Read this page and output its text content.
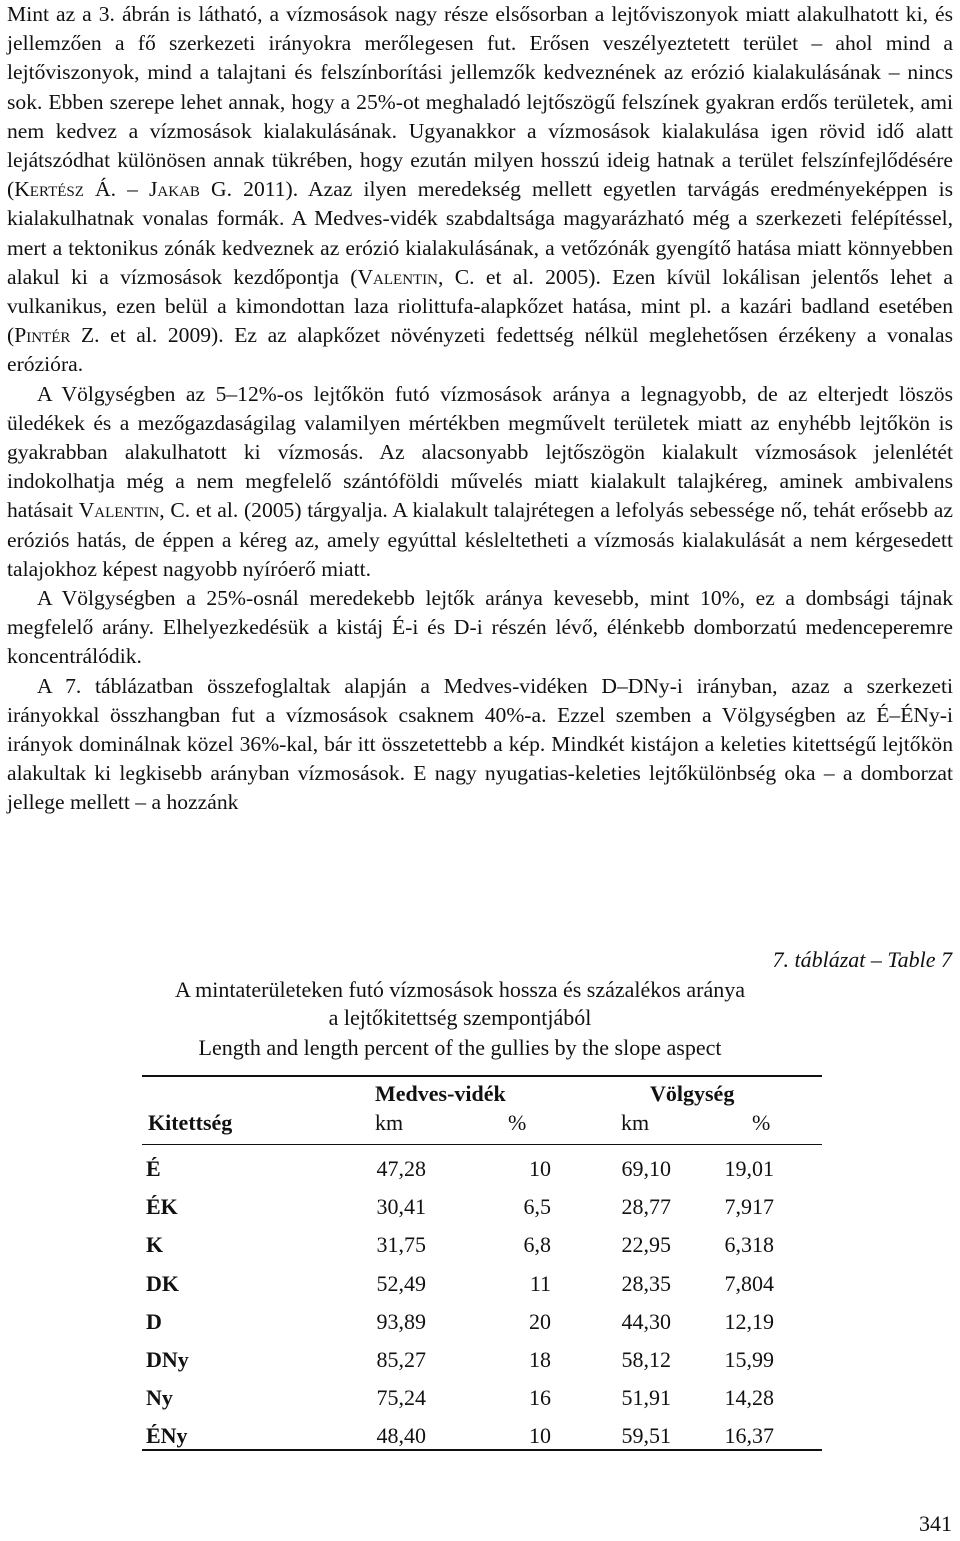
Mint az a 3. ábrán is látható, a vízmosások nagy része elsősorban a lejtőviszonyok miatt alakulhatott ki, és jellemzően a fő szerkezeti irányokra merőlegesen fut. Erősen veszélyeztetett terület – ahol mind a lejtőviszonyok, mind a talajtani és felszínborítási jellemzők kedveznének az erózió kialakulásának – nincs sok. Ebben szerepe lehet annak, hogy a 25%-ot meghaladó lejtőszögű felszínek gyakran erdős területek, ami nem kedvez a vízmosások kialakulásának. Ugyanakkor a vízmosások kialakulása igen rövid idő alatt lejátszódhat különösen annak tükrében, hogy ezután milyen hosszú ideig hatnak a terület felszínfejlődésére (Kertész Á. – Jakab G. 2011). Azaz ilyen meredekség mellett egyetlen tarvágás eredményeképpen is kialakulhatnak vonalas formák. A Medves-vidék szabdaltsága magyarázható még a szerkezeti felépítéssel, mert a tektonikus zónák kedveznek az erózió kialakulásának, a vetőzónák gyengítő hatása miatt könnyebben alakul ki a vízmosások kezdőpontja (Valentin, C. et al. 2005). Ezen kívül lokálisan jelentős lehet a vulkanikus, ezen belül a kimondottan laza riolittufa-alapkőzet hatása, mint pl. a kazári badland esetében (Pintér Z. et al. 2009). Ez az alapkőzet növényzeti fedettség nélkül meglehetősen érzékeny a vonalas erózióra.

A Völgységben az 5–12%-os lejtőkön futó vízmosások aránya a legnagyobb, de az elterjedt löszös üledékek és a mezőgazdaságilag valamilyen mértékben megművelt területek miatt az enyhébb lejtőkön is gyakrabban alakulhatott ki vízmosás. Az alacsonyabb lejtőszögön kialakult vízmosások jelenlétét indokolhatja még a nem megfelelő szántóföldi művelés miatt kialakult talajkéreg, aminek ambivalens hatásait Valentin, C. et al. (2005) tárgyalja. A kialakult talajrétegen a lefolyás sebessége nő, tehát erősebb az eróziós hatás, de éppen a kéreg az, amely egyúttal késleltetheti a vízmosás kialakulását a nem kérgesedett talajokhoz képest nagyobb nyíróerő miatt.

A Völgységben a 25%-osnál meredekebb lejtők aránya kevesebb, mint 10%, ez a dombsági tájnak megfelelő arány. Elhelyezkedésük a kistáj É-i és D-i részén lévő, élénkebb domborzatú medenceperemre koncentrálódik.

A 7. táblázatban összefoglaltak alapján a Medves-vidéken D–DNy-i irányban, azaz a szerkezeti irányokkal összhangban fut a vízmosások csaknem 40%-a. Ezzel szemben a Völgységben az É–ÉNy-i irányok dominálnak közel 36%-kal, bár itt összetettebb a kép. Mindkét kistájon a keleties kitettségű lejtőkön alakultak ki legkisebb arányban vízmosások. E nagy nyugatias-keleties lejtőkülönbség oka – a domborzat jellege mellett – a hozzánk

7. táblázat – Table 7
A mintaterületeken futó vízmosások hossza és százalékos aránya
a lejtőkitettség szempontjából
Length and length percent of the gullies by the slope aspect
Medves-vidék	Völgység
Kitettség	km	%	km	%
É	47,28	10	69,10	19,01
ÉK	30,41	6,5	28,77	7,917
K	31,75	6,8	22,95	6,318
DK	52,49	11	28,35	7,804
D	93,89	20	44,30	12,19
DNy	85,27	18	58,12	15,99
Ny	75,24	16	51,91	14,28
ÉNy	48,40	10	59,51	16,37
341
